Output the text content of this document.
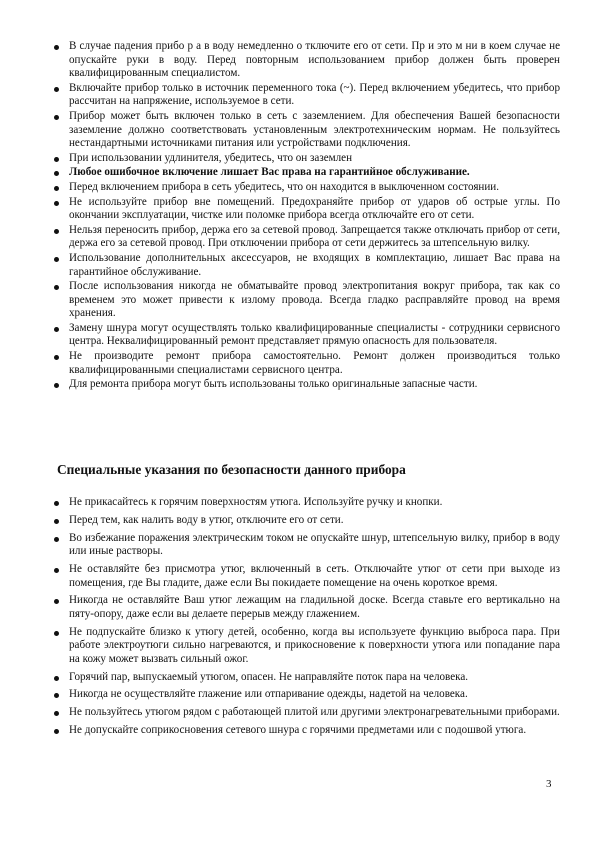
В случае падения прибо р а в воду немедленно о тключите его от сети. Пр и это м ни в коем случае не опускайте руки в воду. Перед повторным использованием прибор должен быть проверен квалифицированным специалистом.
Включайте прибор только в источник переменного тока (~). Перед включением убедитесь, что прибор рассчитан на напряжение, используемое в сети.
Прибор может быть включен только в сеть с заземлением. Для обеспечения Вашей безопасности заземление должно соответствовать установленным электротехническим нормам. Не пользуйтесь нестандартными источниками питания или устройствами подключения.
При использовании удлинителя, убедитесь, что он заземлен
Любое ошибочное включение лишает Вас права на гарантийное обслуживание.
Перед включением прибора в сеть убедитесь, что он находится в выключенном состоянии.
Не используйте прибор вне помещений. Предохраняйте прибор от ударов об острые углы. По окончании эксплуатации, чистке или поломке прибора всегда отключайте его от сети.
Нельзя переносить прибор, держа его за сетевой провод. Запрещается также отключать прибор от сети, держа его за сетевой провод. При отключении прибора от сети держитесь за штепсельную вилку.
Использование дополнительных аксессуаров, не входящих в комплектацию, лишает Вас права на гарантийное обслуживание.
После использования никогда не обматывайте провод электропитания вокруг прибора, так как со временем это может привести к излому провода. Всегда гладко расправляйте провод на время хранения.
Замену шнура могут осуществлять только квалифицированные специалисты - сотрудники сервисного центра. Неквалифицированный ремонт представляет прямую опасность для пользователя.
Не производите ремонт прибора самостоятельно. Ремонт должен производиться только квалифицированными специалистами сервисного центра.
Для ремонта прибора могут быть использованы только оригинальные запасные части.
Специальные указания по безопасности данного прибора
Не прикасайтесь к горячим поверхностям утюга. Используйте ручку и кнопки.
Перед тем, как налить воду в утюг, отключите его от сети.
Во избежание поражения электрическим током не опускайте шнур, штепсельную вилку, прибор в воду или иные растворы.
Не оставляйте без присмотра утюг, включенный в сеть. Отключайте утюг от сети при выходе из помещения, где Вы гладите, даже если Вы покидаете помещение на очень короткое время.
Никогда не оставляйте Ваш утюг лежащим на гладильной доске. Всегда ставьте его вертикально на пяту-опору, даже если вы делаете перерыв между глажением.
Не подпускайте близко к утюгу детей, особенно, когда вы используете функцию выброса пара. При работе электроутюги сильно нагреваются, и прикосновение к поверхности утюга или попадание пара на кожу может вызвать сильный ожог.
Горячий пар, выпускаемый утюгом, опасен. Не направляйте поток пара на человека.
Никогда не осуществляйте глажение или отпаривание одежды, надетой на человека.
Не пользуйтесь утюгом рядом с работающей плитой или другими электронагревательными приборами.
Не допускайте соприкосновения сетевого шнура с горячими предметами или с подошвой утюга.
3
